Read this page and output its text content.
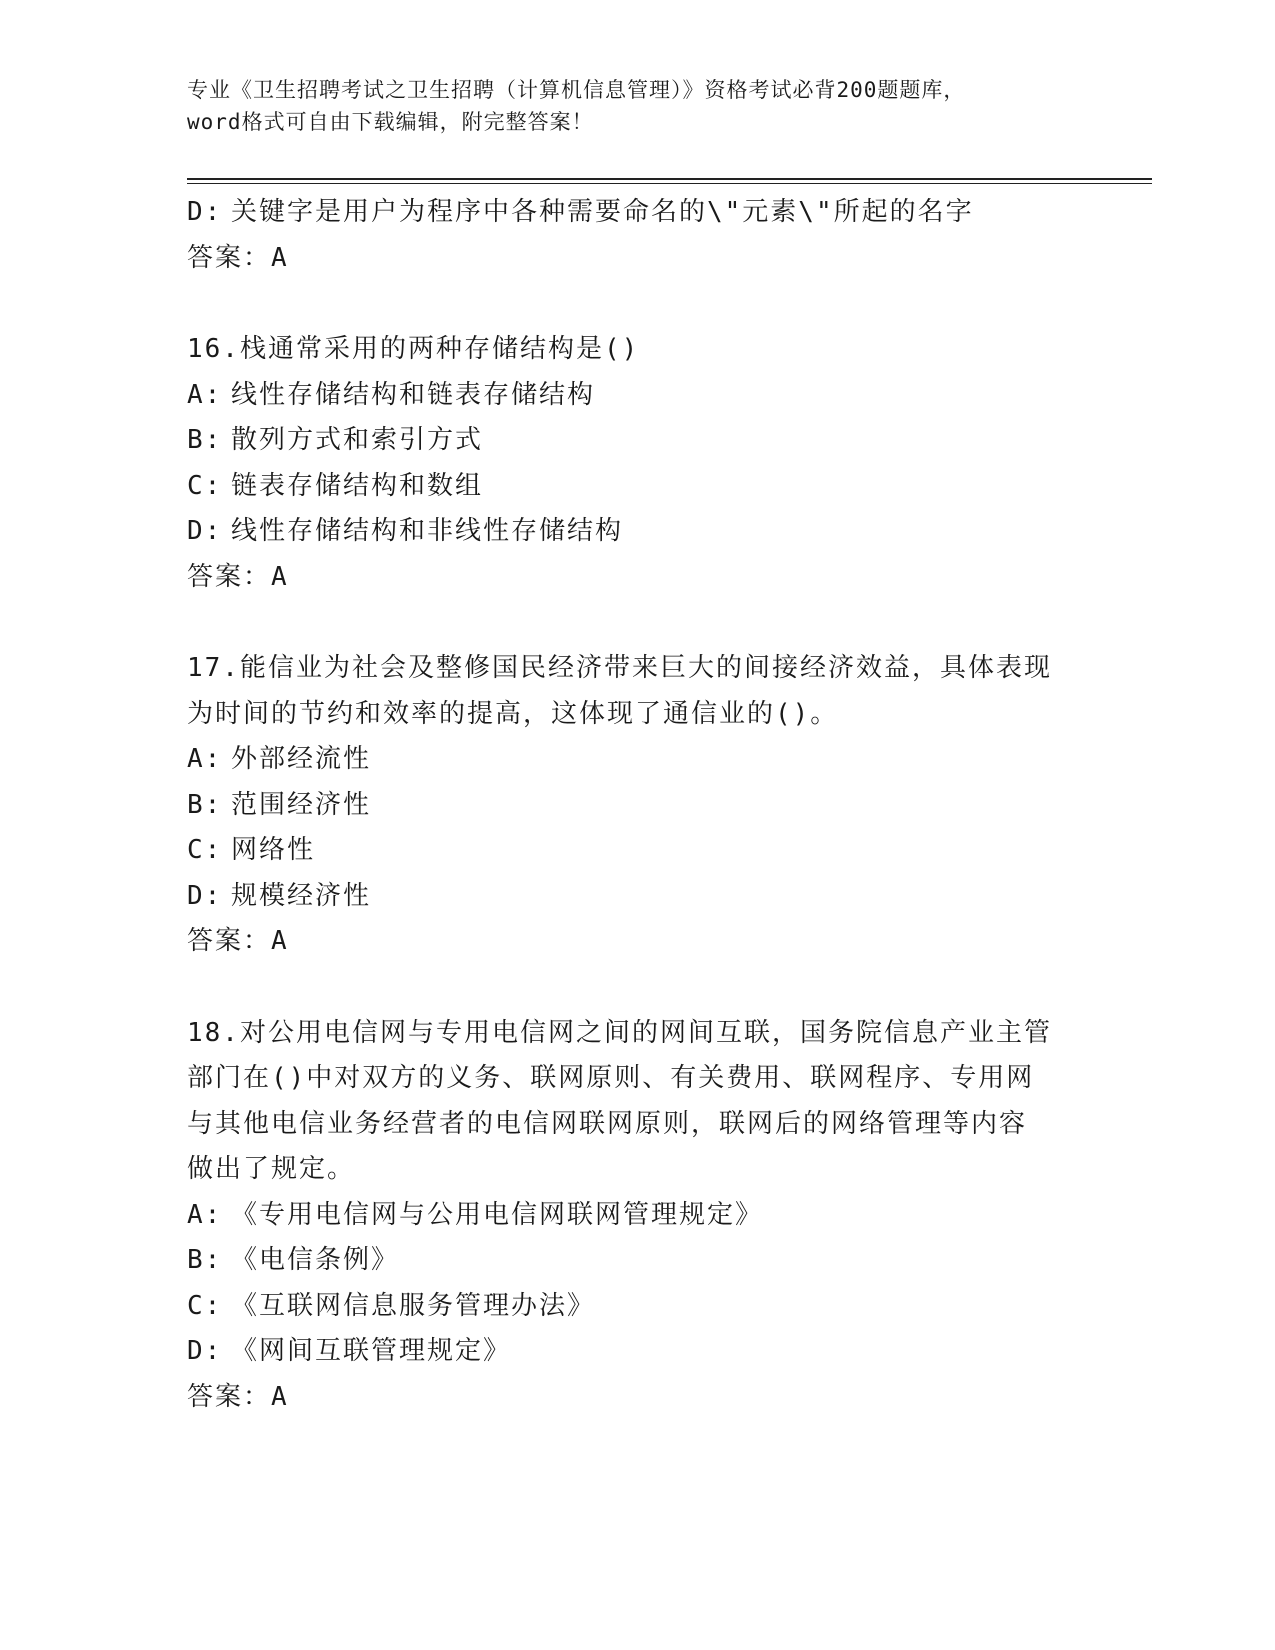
专业《卫生招聘考试之卫生招聘（计算机信息管理）》资格考试必背200题题库，
word格式可自由下载编辑，附完整答案！
D: 关键字是用户为程序中各种需要命名的\"元素\"所起的名字
答案：A
16.栈通常采用的两种存储结构是()
A: 线性存储结构和链表存储结构
B: 散列方式和索引方式
C: 链表存储结构和数组
D: 线性存储结构和非线性存储结构
答案：A
17.能信业为社会及整修国民经济带来巨大的间接经济效益，具体表现
为时间的节约和效率的提高，这体现了通信业的()。
A: 外部经流性
B: 范围经济性
C: 网络性
D: 规模经济性
答案：A
18.对公用电信网与专用电信网之间的网间互联，国务院信息产业主管
部门在()中对双方的义务、联网原则、有关费用、联网程序、专用网
与其他电信业务经营者的电信网联网原则，联网后的网络管理等内容
做出了规定。
A: 《专用电信网与公用电信网联网管理规定》
B: 《电信条例》
C: 《互联网信息服务管理办法》
D: 《网间互联管理规定》
答案：A
